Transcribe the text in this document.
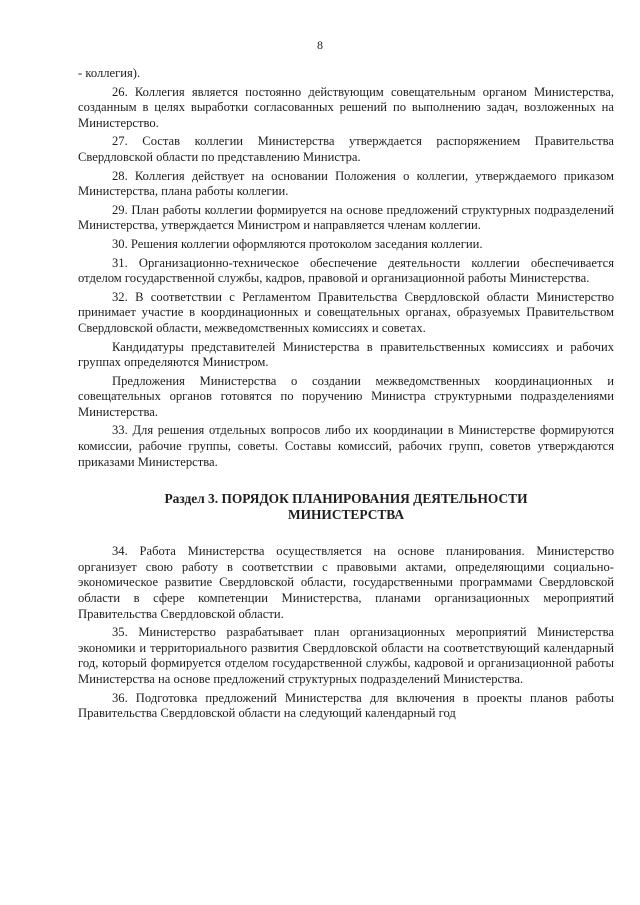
8

- коллегия).

26. Коллегия является постоянно действующим совещательным органом Министерства, созданным в целях выработки согласованных решений по выполнению задач, возложенных на Министерство.

27. Состав коллегии Министерства утверждается распоряжением Правительства Свердловской области по представлению Министра.

28. Коллегия действует на основании Положения о коллегии, утверждаемого приказом Министерства, плана работы коллегии.

29. План работы коллегии формируется на основе предложений структурных подразделений Министерства, утверждается Министром и направляется членам коллегии.

30. Решения коллегии оформляются протоколом заседания коллегии.

31. Организационно-техническое обеспечение деятельности коллегии обеспечивается отделом государственной службы, кадров, правовой и организационной работы Министерства.

32. В соответствии с Регламентом Правительства Свердловской области Министерство принимает участие в координационных и совещательных органах, образуемых Правительством Свердловской области, межведомственных комиссиях и советах.

Кандидатуры представителей Министерства в правительственных комиссиях и рабочих группах определяются Министром.

Предложения Министерства о создании межведомственных координационных и совещательных органов готовятся по поручению Министра структурными подразделениями Министерства.

33. Для решения отдельных вопросов либо их координации в Министерстве формируются комиссии, рабочие группы, советы. Составы комиссий, рабочих групп, советов утверждаются приказами Министерства.

Раздел 3. ПОРЯДОК ПЛАНИРОВАНИЯ ДЕЯТЕЛЬНОСТИ
МИНИСТЕРСТВА

34. Работа Министерства осуществляется на основе планирования. Министерство организует свою работу в соответствии с правовыми актами, определяющими социально-экономическое развитие Свердловской области, государственными программами Свердловской области в сфере компетенции Министерства, планами организационных мероприятий Правительства Свердловской области.

35. Министерство разрабатывает план организационных мероприятий Министерства экономики и территориального развития Свердловской области на соответствующий календарный год, который формируется отделом государственной службы, кадровой и организационной работы Министерства на основе предложений структурных подразделений Министерства.

36. Подготовка предложений Министерства для включения в проекты планов работы Правительства Свердловской области на следующий календарный год
